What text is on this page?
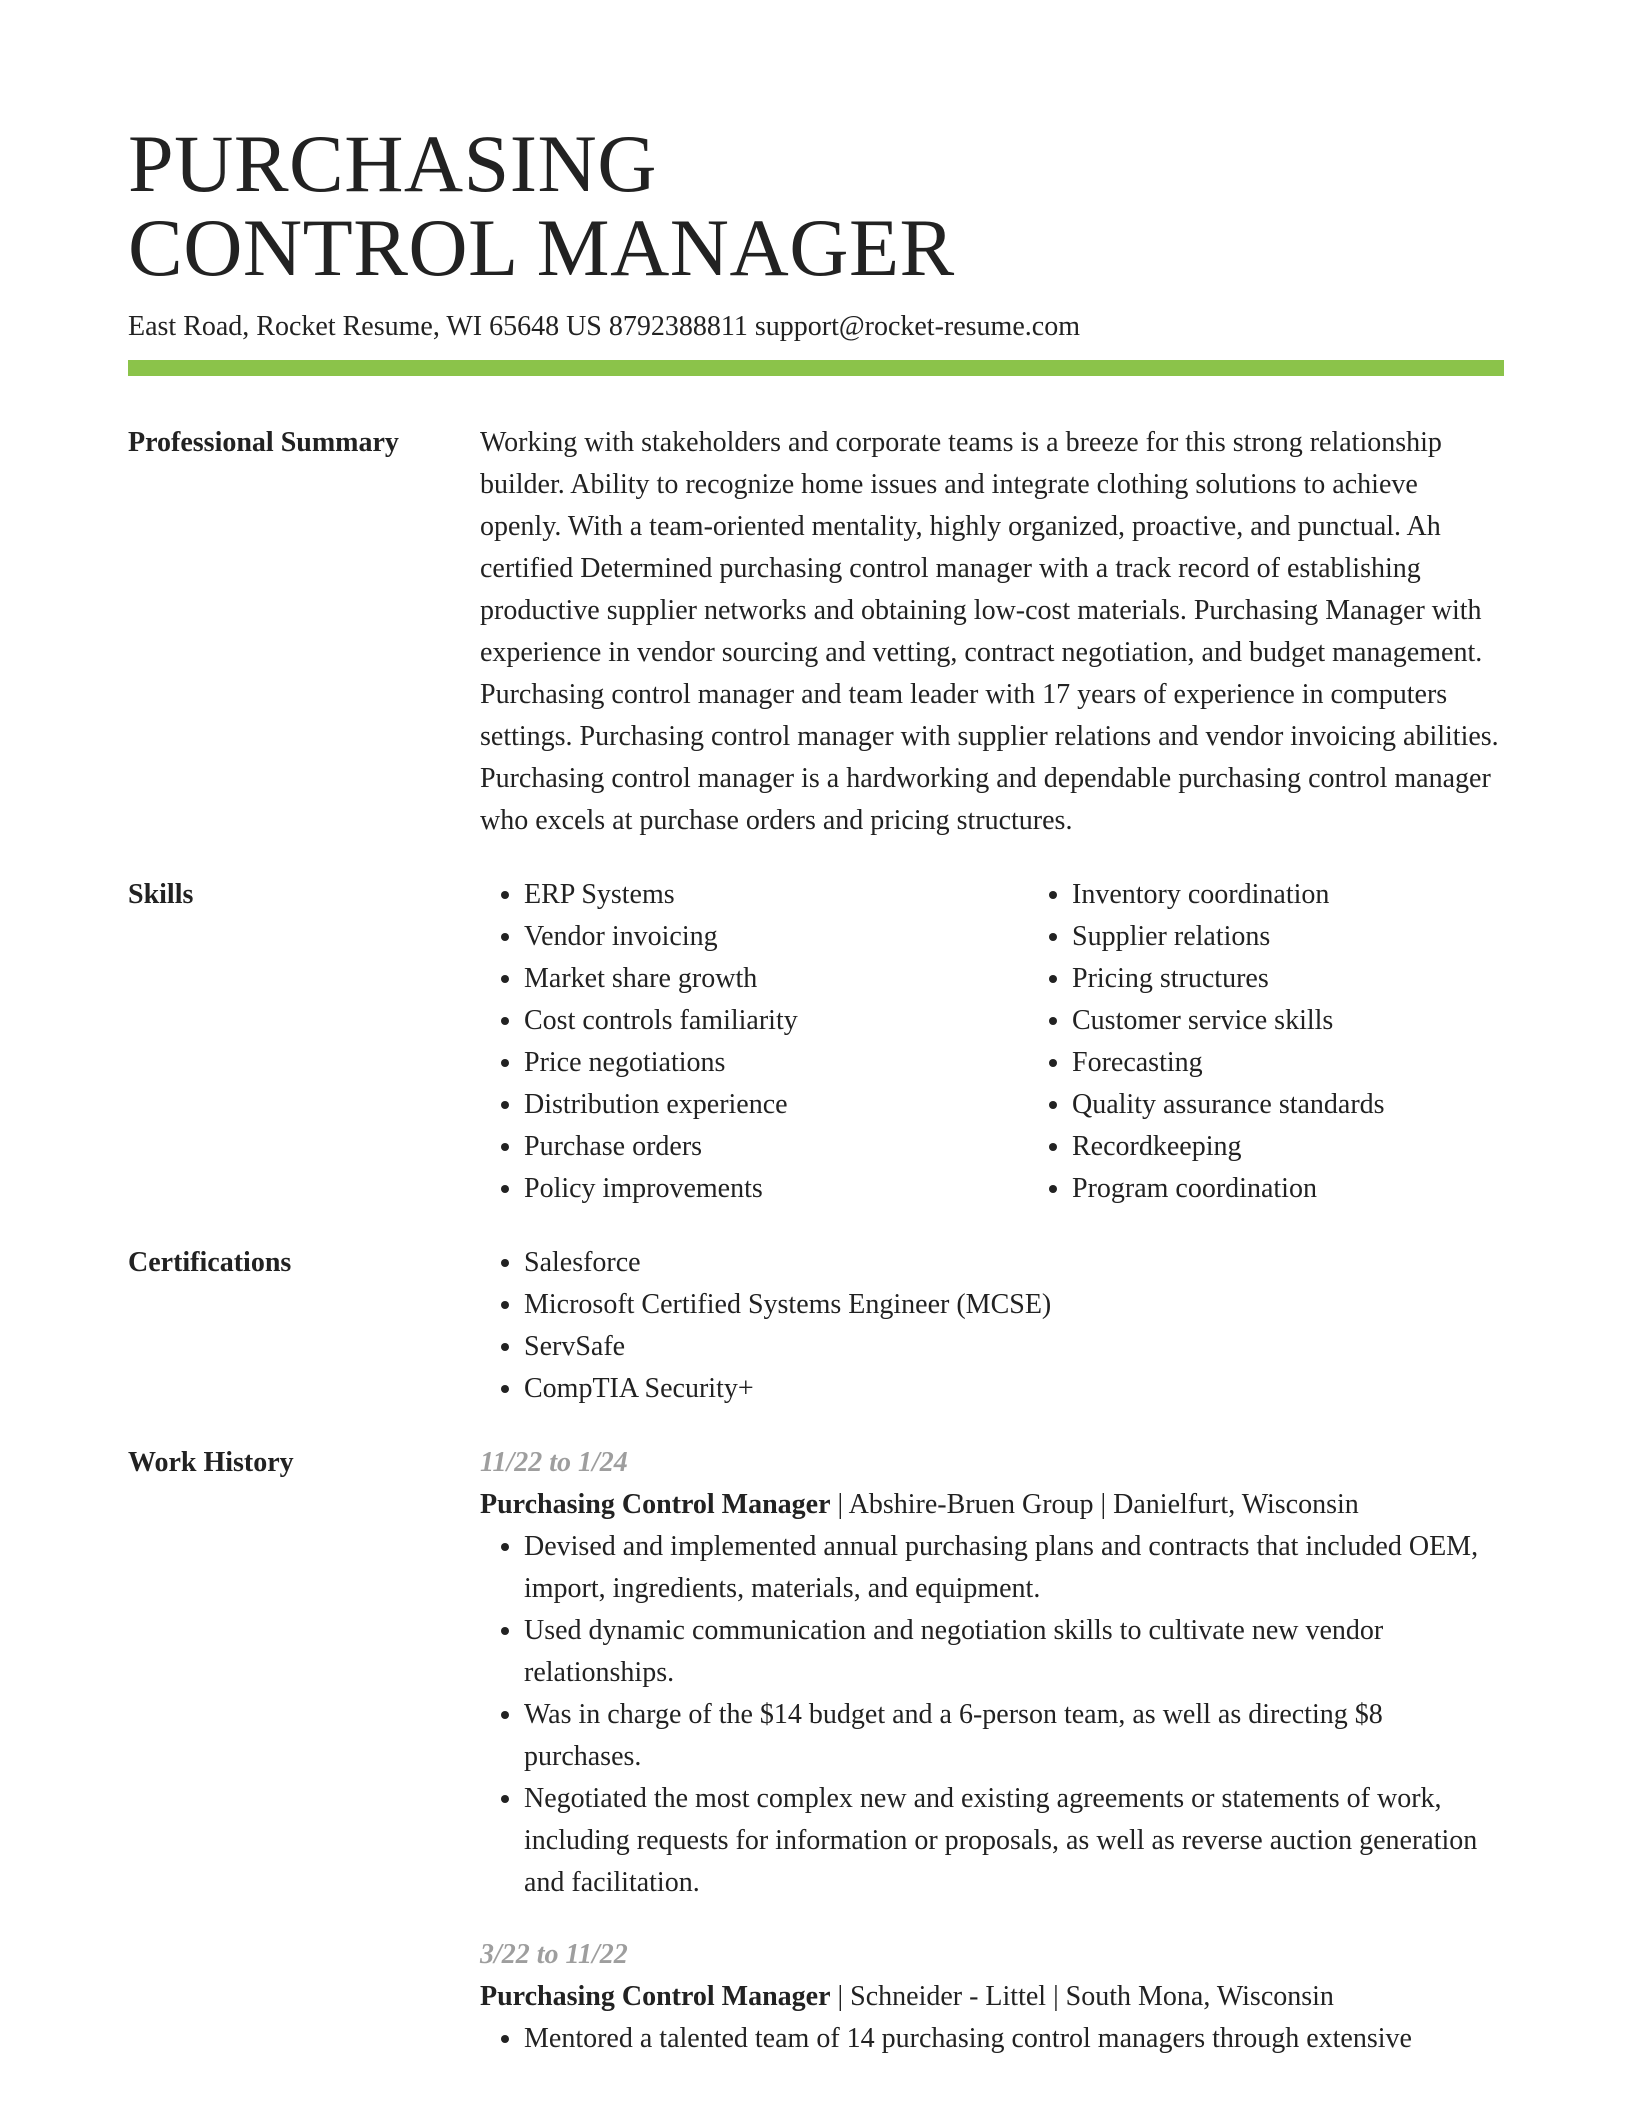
PURCHASING
CONTROL MANAGER
East Road, Rocket Resume, WI 65648 US 8792388811 support@rocket-resume.com
Professional Summary	Working with stakeholders and corporate teams is a breeze for this strong relationship builder. Ability to recognize home issues and integrate clothing solutions to achieve openly. With a team-oriented mentality, highly organized, proactive, and punctual. Ah certified Determined purchasing control manager with a track record of establishing productive supplier networks and obtaining low-cost materials. Purchasing Manager with experience in vendor sourcing and vetting, contract negotiation, and budget management. Purchasing control manager and team leader with 17 years of experience in computers settings. Purchasing control manager with supplier relations and vendor invoicing abilities. Purchasing control manager is a hardworking and dependable purchasing control manager who excels at purchase orders and pricing structures.

Skills	• ERP Systems
• Vendor invoicing
• Market share growth
• Cost controls familiarity
• Price negotiations
• Distribution experience
• Purchase orders
• Policy improvements
• Inventory coordination
• Supplier relations
• Pricing structures
• Customer service skills
• Forecasting
• Quality assurance standards
• Recordkeeping
• Program coordination
Certifications	• Salesforce
• Microsoft Certified Systems Engineer (MCSE)
• ServSafe
• CompTIA Security+
Work History	11/22 to 1/24
Purchasing Control Manager | Abshire-Bruen Group | Danielfurt, Wisconsin
• Devised and implemented annual purchasing plans and contracts that included OEM, import, ingredients, materials, and equipment.
• Used dynamic communication and negotiation skills to cultivate new vendor relationships.
• Was in charge of the $14 budget and a 6-person team, as well as directing $8 purchases.
• Negotiated the most complex new and existing agreements or statements of work, including requests for information or proposals, as well as reverse auction generation and facilitation.
3/22 to 11/22
Purchasing Control Manager | Schneider - Littel | South Mona, Wisconsin
• Mentored a talented team of 14 purchasing control managers through extensive
